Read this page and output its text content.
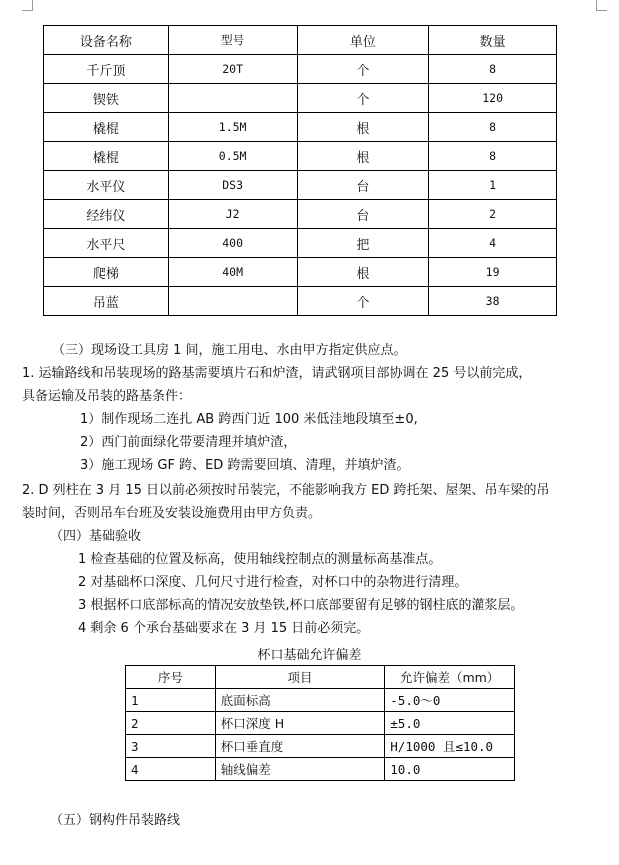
设备名称	型号	单位	数量
千斤顶	20T	个	8
锲铁		个	120
橇棍	1.5M	根	8
橇棍	0.5M	根	8
水平仪	DS3	台	1
经纬仪	J2	台	2
水平尺	400	把	4
爬梯	40M	根	19
吊蓝		个	38
（三）现场设工具房 1 间，施工用电、水由甲方指定供应点。
1. 运输路线和吊装现场的路基需要填片石和炉渣，请武钢项目部协调在 25 号以前完成，
具备运输及吊装的路基条件：
1）制作现场二连扎 AB 跨西门近 100 米低洼地段填至±0,
2）西门前面绿化带要清理并填炉渣，
3）施工现场 GF 跨、ED 跨需要回填、清理，并填炉渣。
2. D 列柱在 3 月 15 日以前必须按时吊装完，不能影响我方 ED 跨托架、屋架、吊车梁的吊
装时间，否则吊车台班及安装设施费用由甲方负责。
（四）基础验收
1 检查基础的位置及标高，使用轴线控制点的测量标高基准点。
2 对基础杯口深度、几何尺寸进行检查，对杯口中的杂物进行清理。
3 根据杯口底部标高的情况安放垫铁,杯口底部要留有足够的钢柱底的灌浆层。
4 剩余 6 个承台基础要求在 3 月 15 日前必须完。
杯口基础允许偏差
序号	项目	允许偏差（mm）
1	底面标高	-5.0～0
2	杯口深度 H	±5.0
3	杯口垂直度	H/1000 且≤10.0
4	轴线偏差	10.0
（五）钢构件吊装路线
